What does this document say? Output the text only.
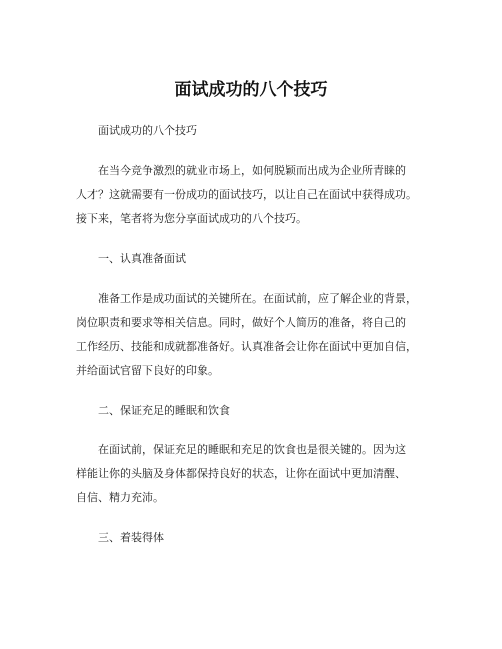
面试成功的八个技巧
面试成功的八个技巧
在当今竞争激烈的就业市场上，如何脱颖而出成为企业所青睐的
人才？这就需要有一份成功的面试技巧，以让自己在面试中获得成功。
接下来，笔者将为您分享面试成功的八个技巧。
一、认真准备面试
准备工作是成功面试的关键所在。在面试前，应了解企业的背景，
岗位职责和要求等相关信息。同时，做好个人简历的准备，将自己的
工作经历、技能和成就都准备好。认真准备会让你在面试中更加自信，
并给面试官留下良好的印象。
二、保证充足的睡眠和饮食
在面试前，保证充足的睡眠和充足的饮食也是很关键的。因为这
样能让你的头脑及身体都保持良好的状态，让你在面试中更加清醒、
自信、精力充沛。
三、着装得体
